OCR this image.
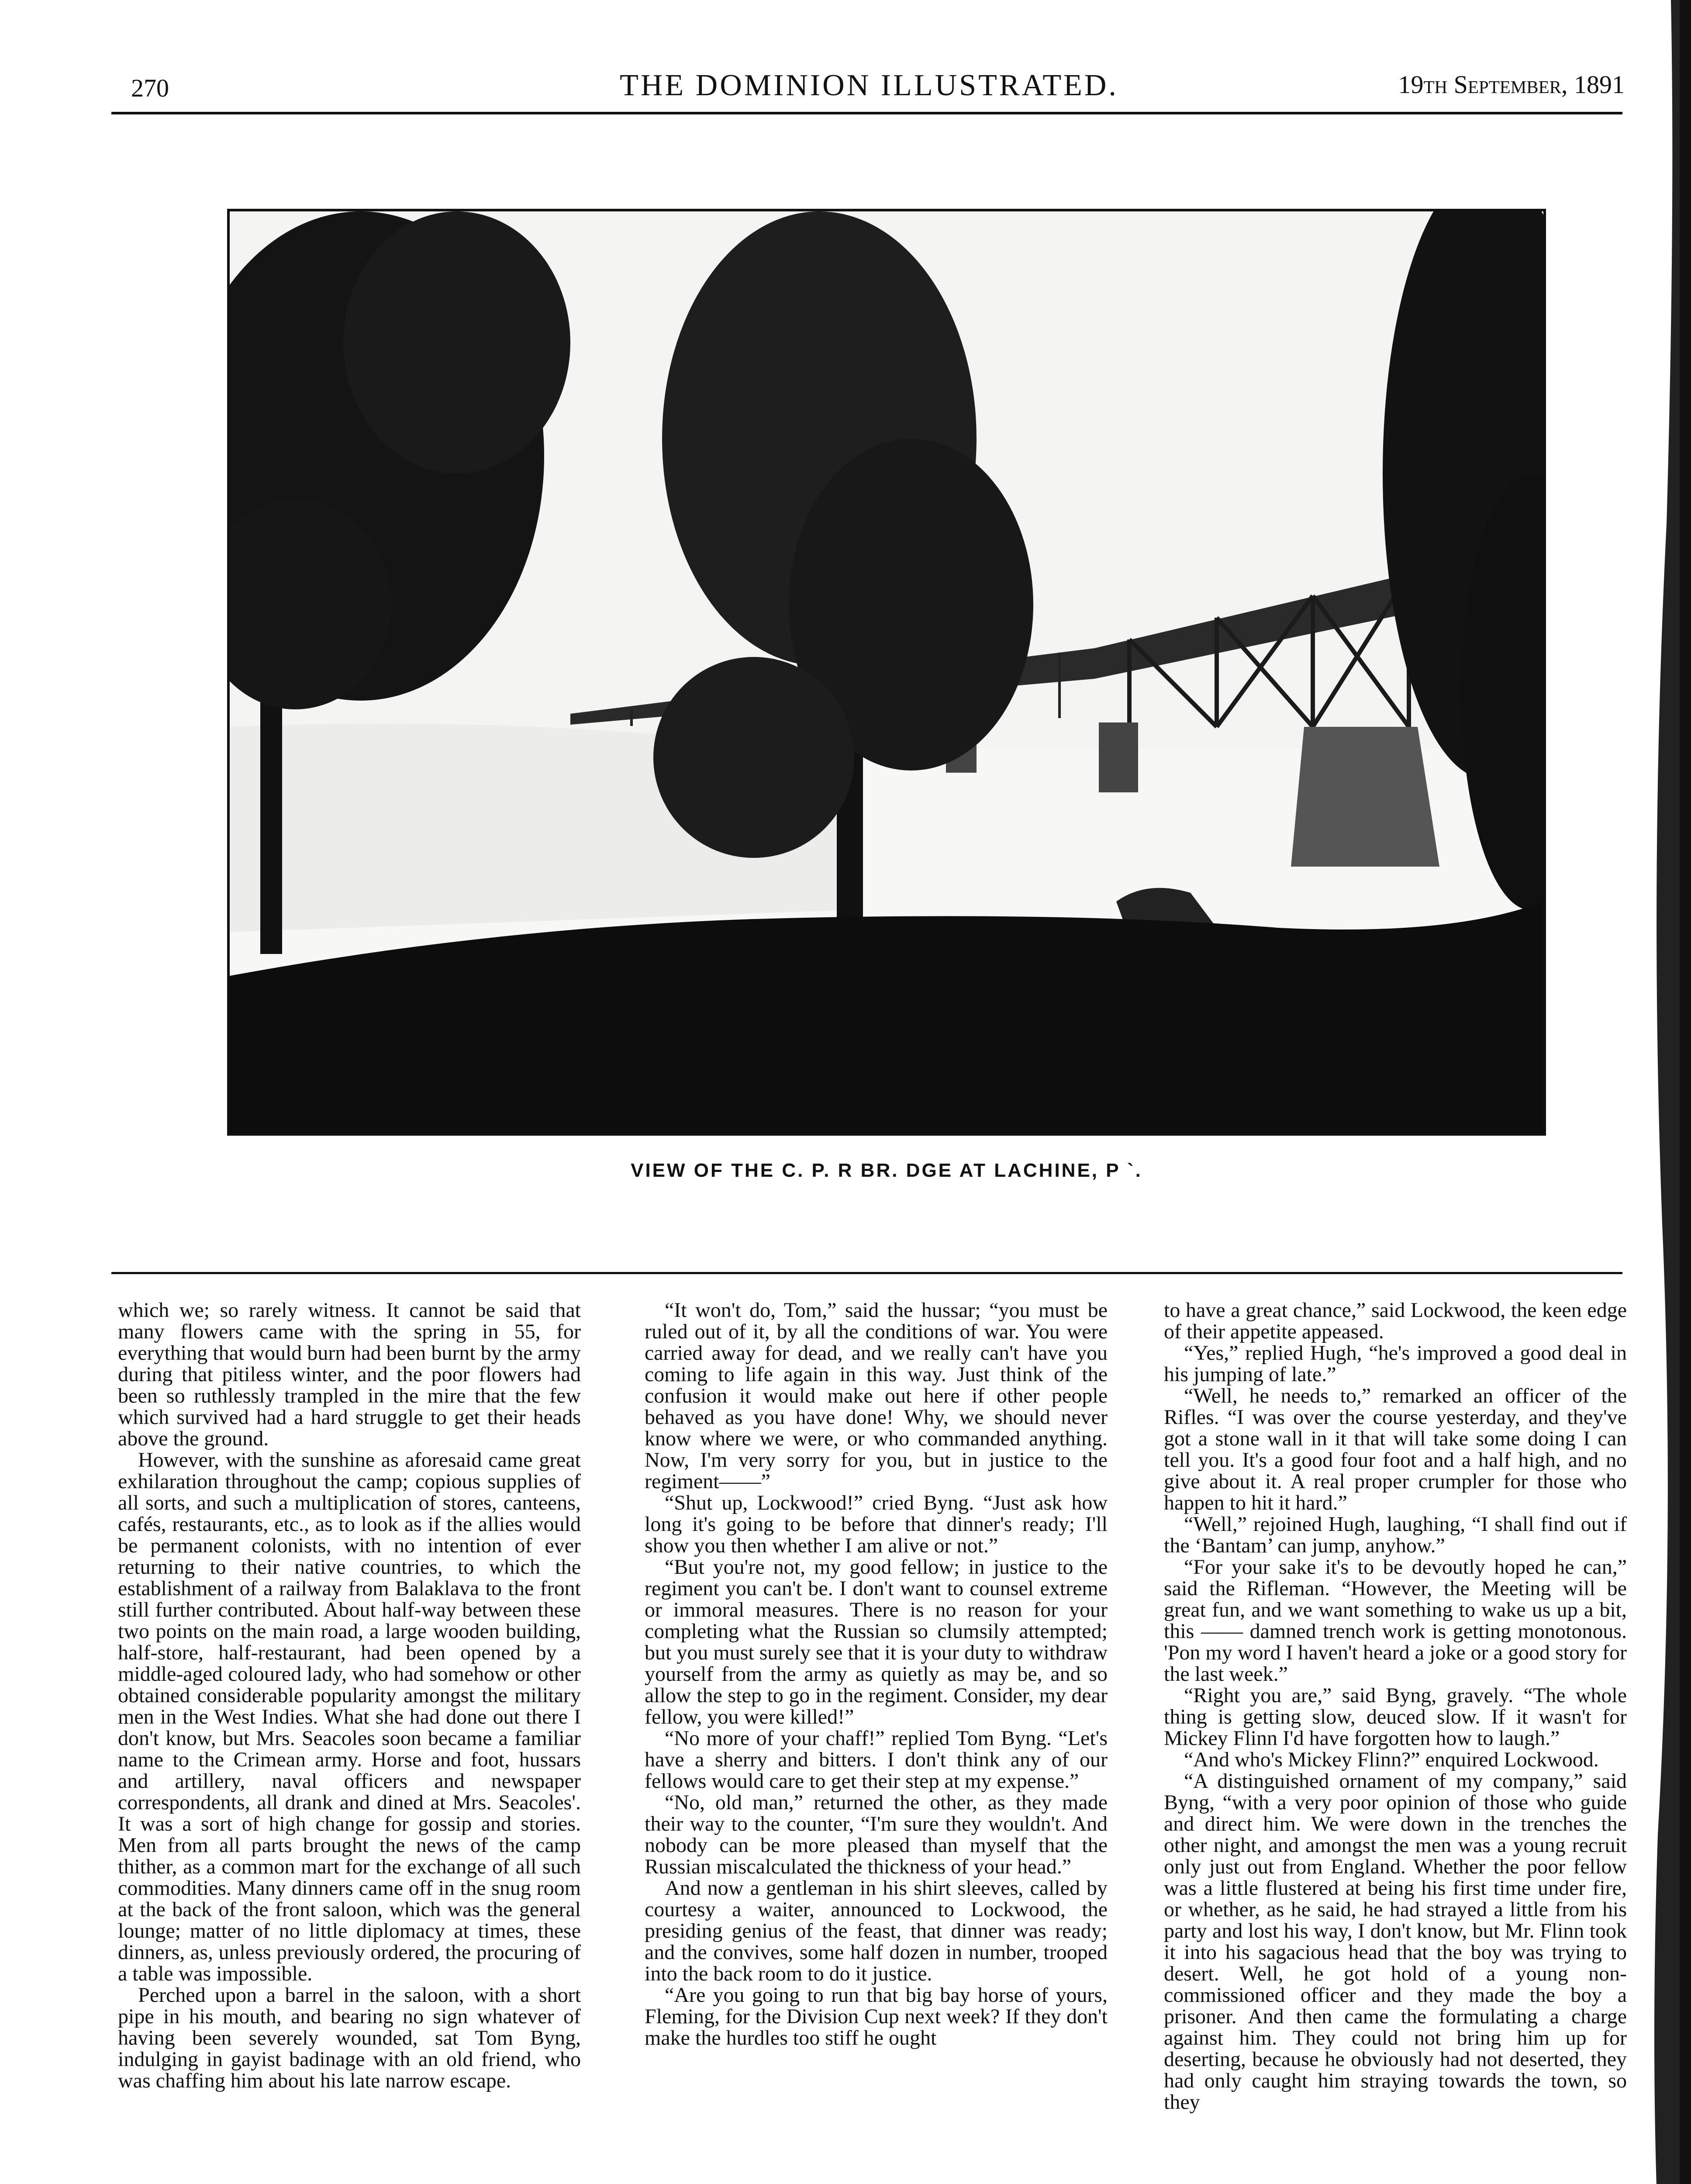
270	THE DOMINION ILLUSTRATED.	19th September, 1891
VIEW OF THE C. P. R BR. DGE AT LACHINE, P `.

which we; so rarely witness. It cannot be said that many flowers came with the spring in 55, for everything that would burn had been burnt by the army during that pitiless winter, and the poor flowers had been so ruthlessly trampled in the mire that the few which survived had a hard struggle to get their heads above the ground.

However, with the sunshine as aforesaid came great exhilaration throughout the camp; copious supplies of all sorts, and such a multiplication of stores, canteens, cafés, restaurants, etc., as to look as if the allies would be permanent colonists, with no intention of ever returning to their native countries, to which the establishment of a railway from Balaklava to the front still further contributed. About half-way between these two points on the main road, a large wooden building, half-store, half-restaurant, had been opened by a middle-aged coloured lady, who had somehow or other obtained considerable popularity amongst the military men in the West Indies. What she had done out there I don't know, but Mrs. Seacoles soon became a familiar name to the Crimean army. Horse and foot, hussars and artillery, naval officers and newspaper correspondents, all drank and dined at Mrs. Seacoles'. It was a sort of high change for gossip and stories. Men from all parts brought the news of the camp thither, as a common mart for the exchange of all such commodities. Many dinners came off in the snug room at the back of the front saloon, which was the general lounge; matter of no little diplomacy at times, these dinners, as, unless previously ordered, the procuring of a table was impossible.

Perched upon a barrel in the saloon, with a short pipe in his mouth, and bearing no sign whatever of having been severely wounded, sat Tom Byng, indulging in gayist badinage with an old friend, who was chaffing him about his late narrow escape.

“It won't do, Tom,” said the hussar; “you must be ruled out of it, by all the conditions of war. You were carried away for dead, and we really can't have you coming to life again in this way. Just think of the confusion it would make out here if other people behaved as you have done! Why, we should never know where we were, or who commanded anything. Now, I'm very sorry for you, but in justice to the regiment——”

“Shut up, Lockwood!” cried Byng. “Just ask how long it's going to be before that dinner's ready; I'll show you then whether I am alive or not.”

“But you're not, my good fellow; in justice to the regiment you can't be. I don't want to counsel extreme or immoral measures. There is no reason for your completing what the Russian so clumsily attempted; but you must surely see that it is your duty to withdraw yourself from the army as quietly as may be, and so allow the step to go in the regiment. Consider, my dear fellow, you were killed!”

“No more of your chaff!” replied Tom Byng. “Let's have a sherry and bitters. I don't think any of our fellows would care to get their step at my expense.”

“No, old man,” returned the other, as they made their way to the counter, “I'm sure they wouldn't. And nobody can be more pleased than myself that the Russian miscalculated the thickness of your head.”

And now a gentleman in his shirt sleeves, called by courtesy a waiter, announced to Lockwood, the presiding genius of the feast, that dinner was ready; and the convives, some half dozen in number, trooped into the back room to do it justice.

“Are you going to run that big bay horse of yours, Fleming, for the Division Cup next week? If they don't make the hurdles too stiff he ought

to have a great chance,” said Lockwood, the keen edge of their appetite appeased.

“Yes,” replied Hugh, “he's improved a good deal in his jumping of late.”

“Well, he needs to,” remarked an officer of the Rifles. “I was over the course yesterday, and they've got a stone wall in it that will take some doing I can tell you. It's a good four foot and a half high, and no give about it. A real proper crumpler for those who happen to hit it hard.”

“Well,” rejoined Hugh, laughing, “I shall find out if the ‘Bantam’ can jump, anyhow.”

“For your sake it's to be devoutly hoped he can,” said the Rifleman. “However, the Meeting will be great fun, and we want something to wake us up a bit, this —— damned trench work is getting monotonous. 'Pon my word I haven't heard a joke or a good story for the last week.”

“Right you are,” said Byng, gravely. “The whole thing is getting slow, deuced slow. If it wasn't for Mickey Flinn I'd have forgotten how to laugh.”

“And who's Mickey Flinn?” enquired Lockwood.

“A distinguished ornament of my company,” said Byng, “with a very poor opinion of those who guide and direct him. We were down in the trenches the other night, and amongst the men was a young recruit only just out from England. Whether the poor fellow was a little flustered at being his first time under fire, or whether, as he said, he had strayed a little from his party and lost his way, I don't know, but Mr. Flinn took it into his sagacious head that the boy was trying to desert. Well, he got hold of a young non-commissioned officer and they made the boy a prisoner. And then came the formulating a charge against him. They could not bring him up for deserting, because he obviously had not deserted, they had only caught him straying towards the town, so they
